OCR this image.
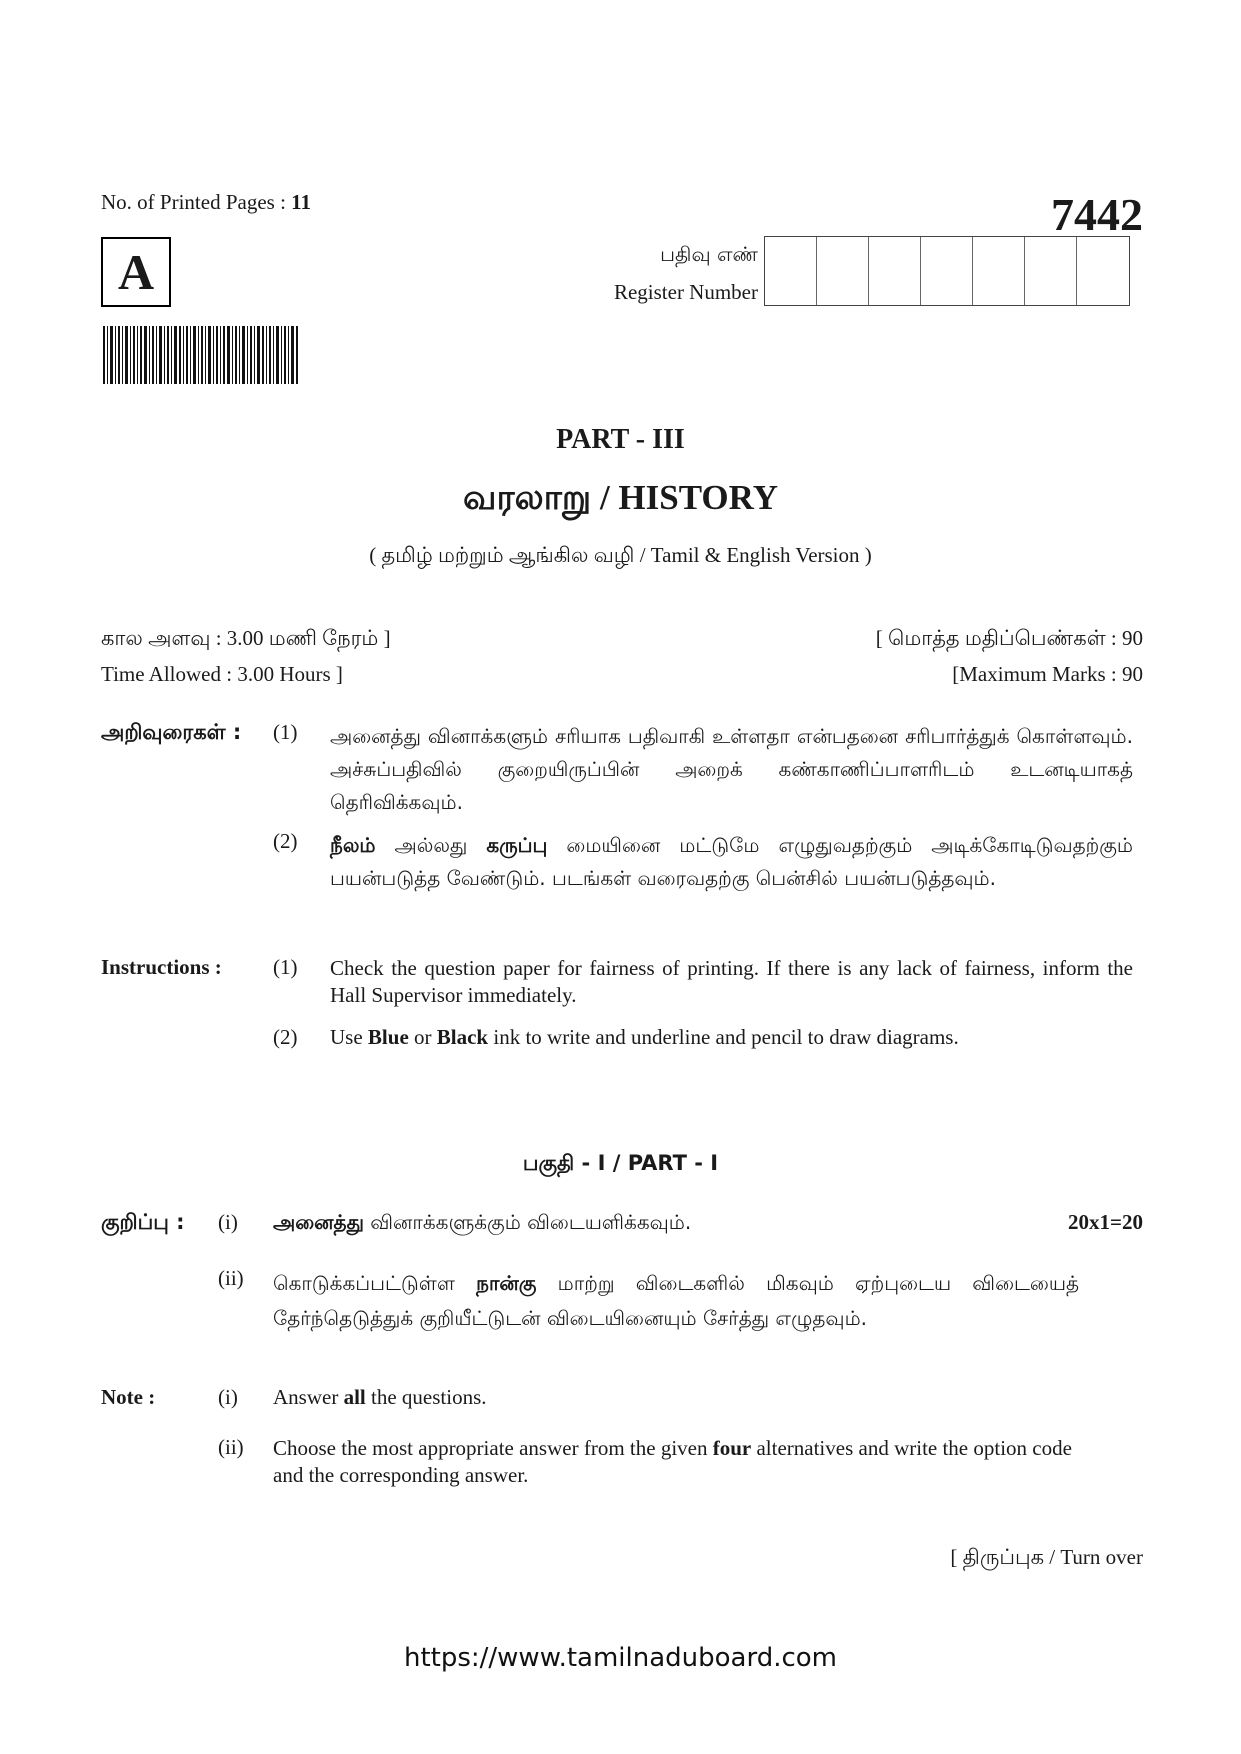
No. of Printed Pages : 11	7442
A	பதிவு எண்
Register Number
PART - III
வரலாறு / HISTORY
( தமிழ் மற்றும் ஆங்கில வழி / Tamil & English Version )
கால அளவு : 3.00 மணி நேரம் ]
Time Allowed : 3.00 Hours ]
[ மொத்த மதிப்பெண்கள் : 90
[Maximum Marks : 90
அறிவுரைகள் : (1) அனைத்து வினாக்களும் சரியாக பதிவாகி உள்ளதா என்பதனை சரிபார்த்துக் கொள்ளவும். அச்சுப்பதிவில் குறையிருப்பின் அறைக் கண்காணிப்பாளரிடம் உடனடியாகத் தெரிவிக்கவும்.
(2) நீலம் அல்லது கருப்பு மையினை மட்டுமே எழுதுவதற்கும் அடிக்கோடிடுவதற்கும் பயன்படுத்த வேண்டும். படங்கள் வரைவதற்கு பென்சில் பயன்படுத்தவும்.
Instructions : (1) Check the question paper for fairness of printing. If there is any lack of fairness, inform the Hall Supervisor immediately.
(2) Use Blue or Black ink to write and underline and pencil to draw diagrams.
பகுதி - I / PART - I
குறிப்பு : (i) அனைத்து வினாக்களுக்கும் விடையளிக்கவும்.	20x1=20
(ii) கொடுக்கப்பட்டுள்ள நான்கு மாற்று விடைகளில் மிகவும் ஏற்புடைய விடையைத் தேர்ந்தெடுத்துக் குறியீட்டுடன் விடையினையும் சேர்த்து எழுதவும்.
Note :	(i) Answer all the questions.
(ii) Choose the most appropriate answer from the given four alternatives and write the option code and the corresponding answer.
[ திருப்புக / Turn over
https://www.tamilnaduboard.com
